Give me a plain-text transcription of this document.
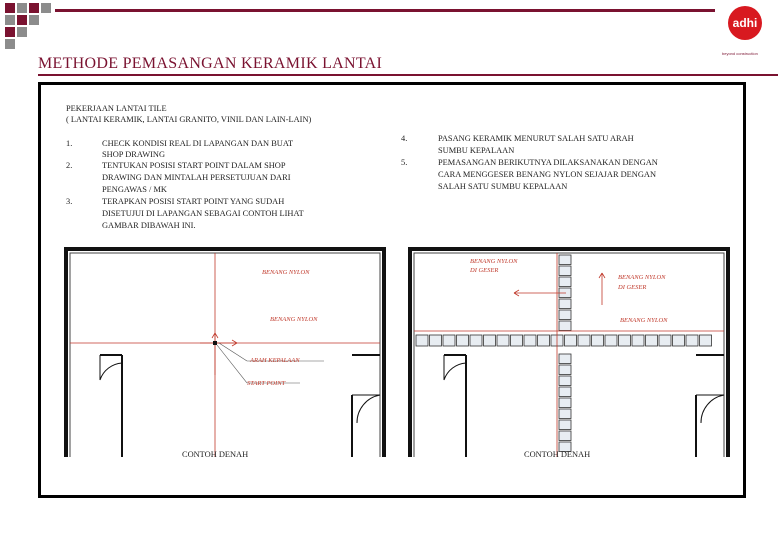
adhi
beyond construction
METHODE PEMASANGAN KERAMIK LANTAI
PEKERJAAN LANTAI TILE
( LANTAI KERAMIK, LANTAI GRANITO, VINIL DAN LAIN-LAIN)
1.	CHECK KONDISI REAL DI LAPANGAN DAN BUAT
SHOP DRAWING
2.	TENTUKAN POSISI START POINT DALAM SHOP
DRAWING DAN MINTALAH PERSETUJUAN DARI
PENGAWAS / MK
3.	TERAPKAN POSISI START POINT YANG SUDAH
DISETUJUI DI LAPANGAN SEBAGAI CONTOH LIHAT
GAMBAR DIBAWAH INI.
4.	PASANG KERAMIK MENURUT SALAH SATU ARAH
SUMBU KEPALAAN
5.	PEMASANGAN BERIKUTNYA DILAKSANAKAN DENGAN
CARA MENGGESER BENANG NYLON SEJAJAR DENGAN
SALAH SATU SUMBU KEPALAAN
BENANG NYLON
BENANG NYLON
ARAH KEPALAAN
START POINT
CONTOH DENAH
BENANG NYLON
DI GESER
BENANG NYLON
DI GESER
BENANG NYLON
CONTOH DENAH
